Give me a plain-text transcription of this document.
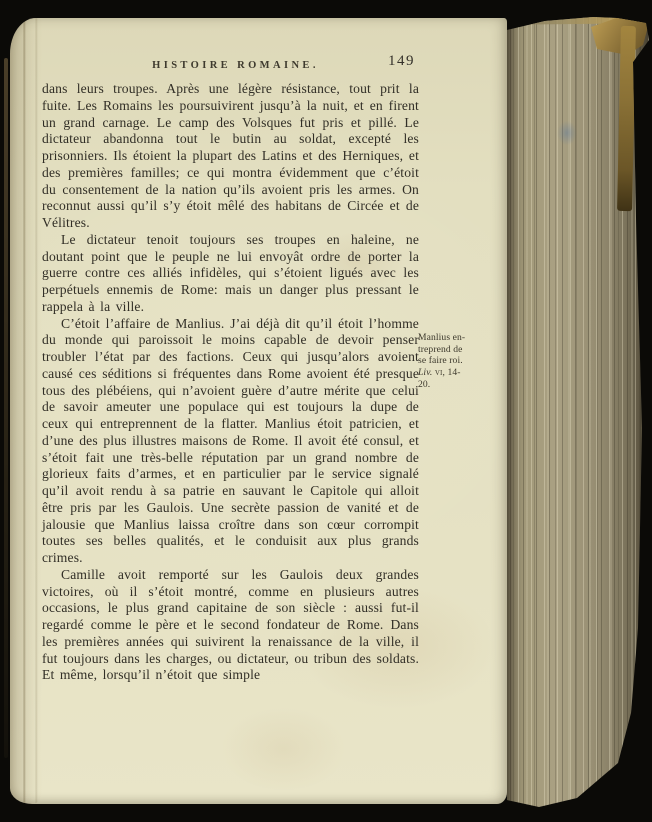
HISTOIRE ROMAINE.	149

dans leurs troupes. Après une légère résistance, tout prit la fuite. Les Romains les poursuivirent jusqu’à la nuit, et en firent un grand carnage. Le camp des Volsques fut pris et pillé. Le dictateur abandonna tout le butin au soldat, excepté les prisonniers. Ils étoient la plupart des Latins et des Herniques, et des premières familles; ce qui montra évidemment que c’étoit du consentement de la nation qu’ils avoient pris les armes. On reconnut aussi qu’il s’y étoit mêlé des habitans de Circée et de Vélitres.

Le dictateur tenoit toujours ses troupes en haleine, ne doutant point que le peuple ne lui envoyât ordre de porter la guerre contre ces alliés infidèles, qui s’étoient ligués avec les perpétuels ennemis de Rome: mais un danger plus pressant le rappela à la ville.

C’étoit l’affaire de Manlius. J’ai déjà dit qu’il étoit l’homme du monde qui paroissoit le moins capable de devoir penser troubler l’état par des factions. Ceux qui jusqu’alors avoient causé ces séditions si fréquentes dans Rome avoient été presque tous des plébéiens, qui n’avoient guère d’autre mérite que celui de savoir ameuter une populace qui est toujours la dupe de ceux qui entreprennent de la flatter. Manlius étoit patricien, et d’une des plus illustres maisons de Rome. Il avoit été consul, et s’étoit fait une très-belle réputation par un grand nombre de glorieux faits d’armes, et en particulier par le service signalé qu’il avoit rendu à sa patrie en sauvant le Capitole qui alloit être pris par les Gaulois. Une secrète passion de vanité et de jalousie que Manlius laissa croître dans son cœur corrompit toutes ses belles qualités, et le conduisit aux plus grands crimes.

Camille avoit remporté sur les Gaulois deux grandes victoires, où il s’étoit montré, comme en plusieurs autres occasions, le plus grand capitaine de son siècle : aussi fut-il regardé comme le père et le second fondateur de Rome. Dans les premières années qui suivirent la renaissance de la ville, il fut toujours dans les charges, ou dictateur, ou tribun des soldats. Et même, lorsqu’il n’étoit que simple

Manlius en-
treprend de
se faire roi.
Liv. vi, 14-
20.
